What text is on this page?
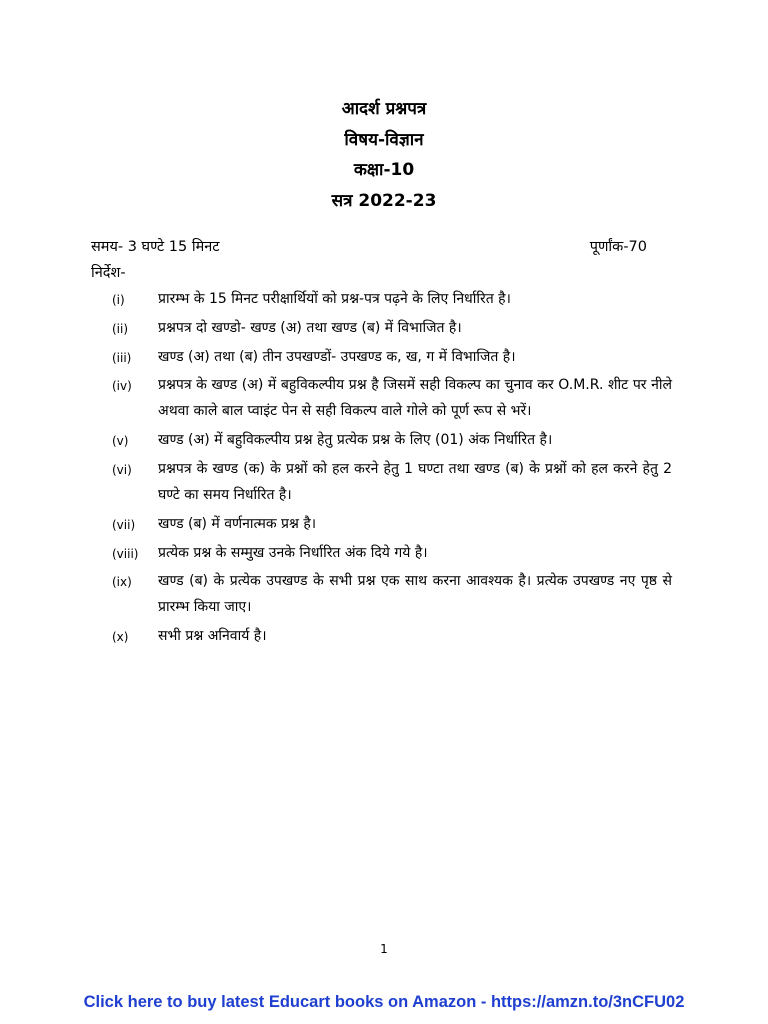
आदर्श प्रश्नपत्र
विषय-विज्ञान
कक्षा-10
सत्र 2022-23
समय- 3 घण्टे 15 मिनट	पूर्णांक-70
निर्देश-
(i)	प्रारम्भ के 15 मिनट परीक्षार्थियों को प्रश्न-पत्र पढ़ने के लिए निर्धारित है।
(ii)	प्रश्नपत्र दो खण्डो- खण्ड (अ) तथा खण्ड (ब) में विभाजित है।
(iii)	खण्ड (अ) तथा (ब) तीन उपखण्डों- उपखण्ड क, ख, ग में विभाजित है।
(iv)	प्रश्नपत्र के खण्ड (अ) में बहुविकल्पीय प्रश्न है जिसमें सही विकल्प का चुनाव कर O.M.R. शीट पर नीले अथवा काले बाल प्वाइंट पेन से सही विकल्प वाले गोले को पूर्ण रूप से भरें।
(v)	खण्ड (अ) में बहुविकल्पीय प्रश्न हेतु प्रत्येक प्रश्न के लिए (01) अंक निर्धारित है।
(vi)	प्रश्नपत्र के खण्ड (क) के प्रश्नों को हल करने हेतु 1 घण्टा तथा खण्ड (ब) के प्रश्नों को हल करने हेतु 2 घण्टे का समय निर्धारित है।
(vii)	खण्ड (ब) में वर्णनात्मक प्रश्न है।
(viii)	प्रत्येक प्रश्न के सम्मुख उनके निर्धारित अंक दिये गये है।
(ix)	खण्ड (ब) के प्रत्येक उपखण्ड के सभी प्रश्न एक साथ करना आवश्यक है। प्रत्येक उपखण्ड नए पृष्ठ से प्रारम्भ किया जाए।
(x)	सभी प्रश्न अनिवार्य है।
1
Click here to buy latest Educart books on Amazon - https://amzn.to/3nCFU02
